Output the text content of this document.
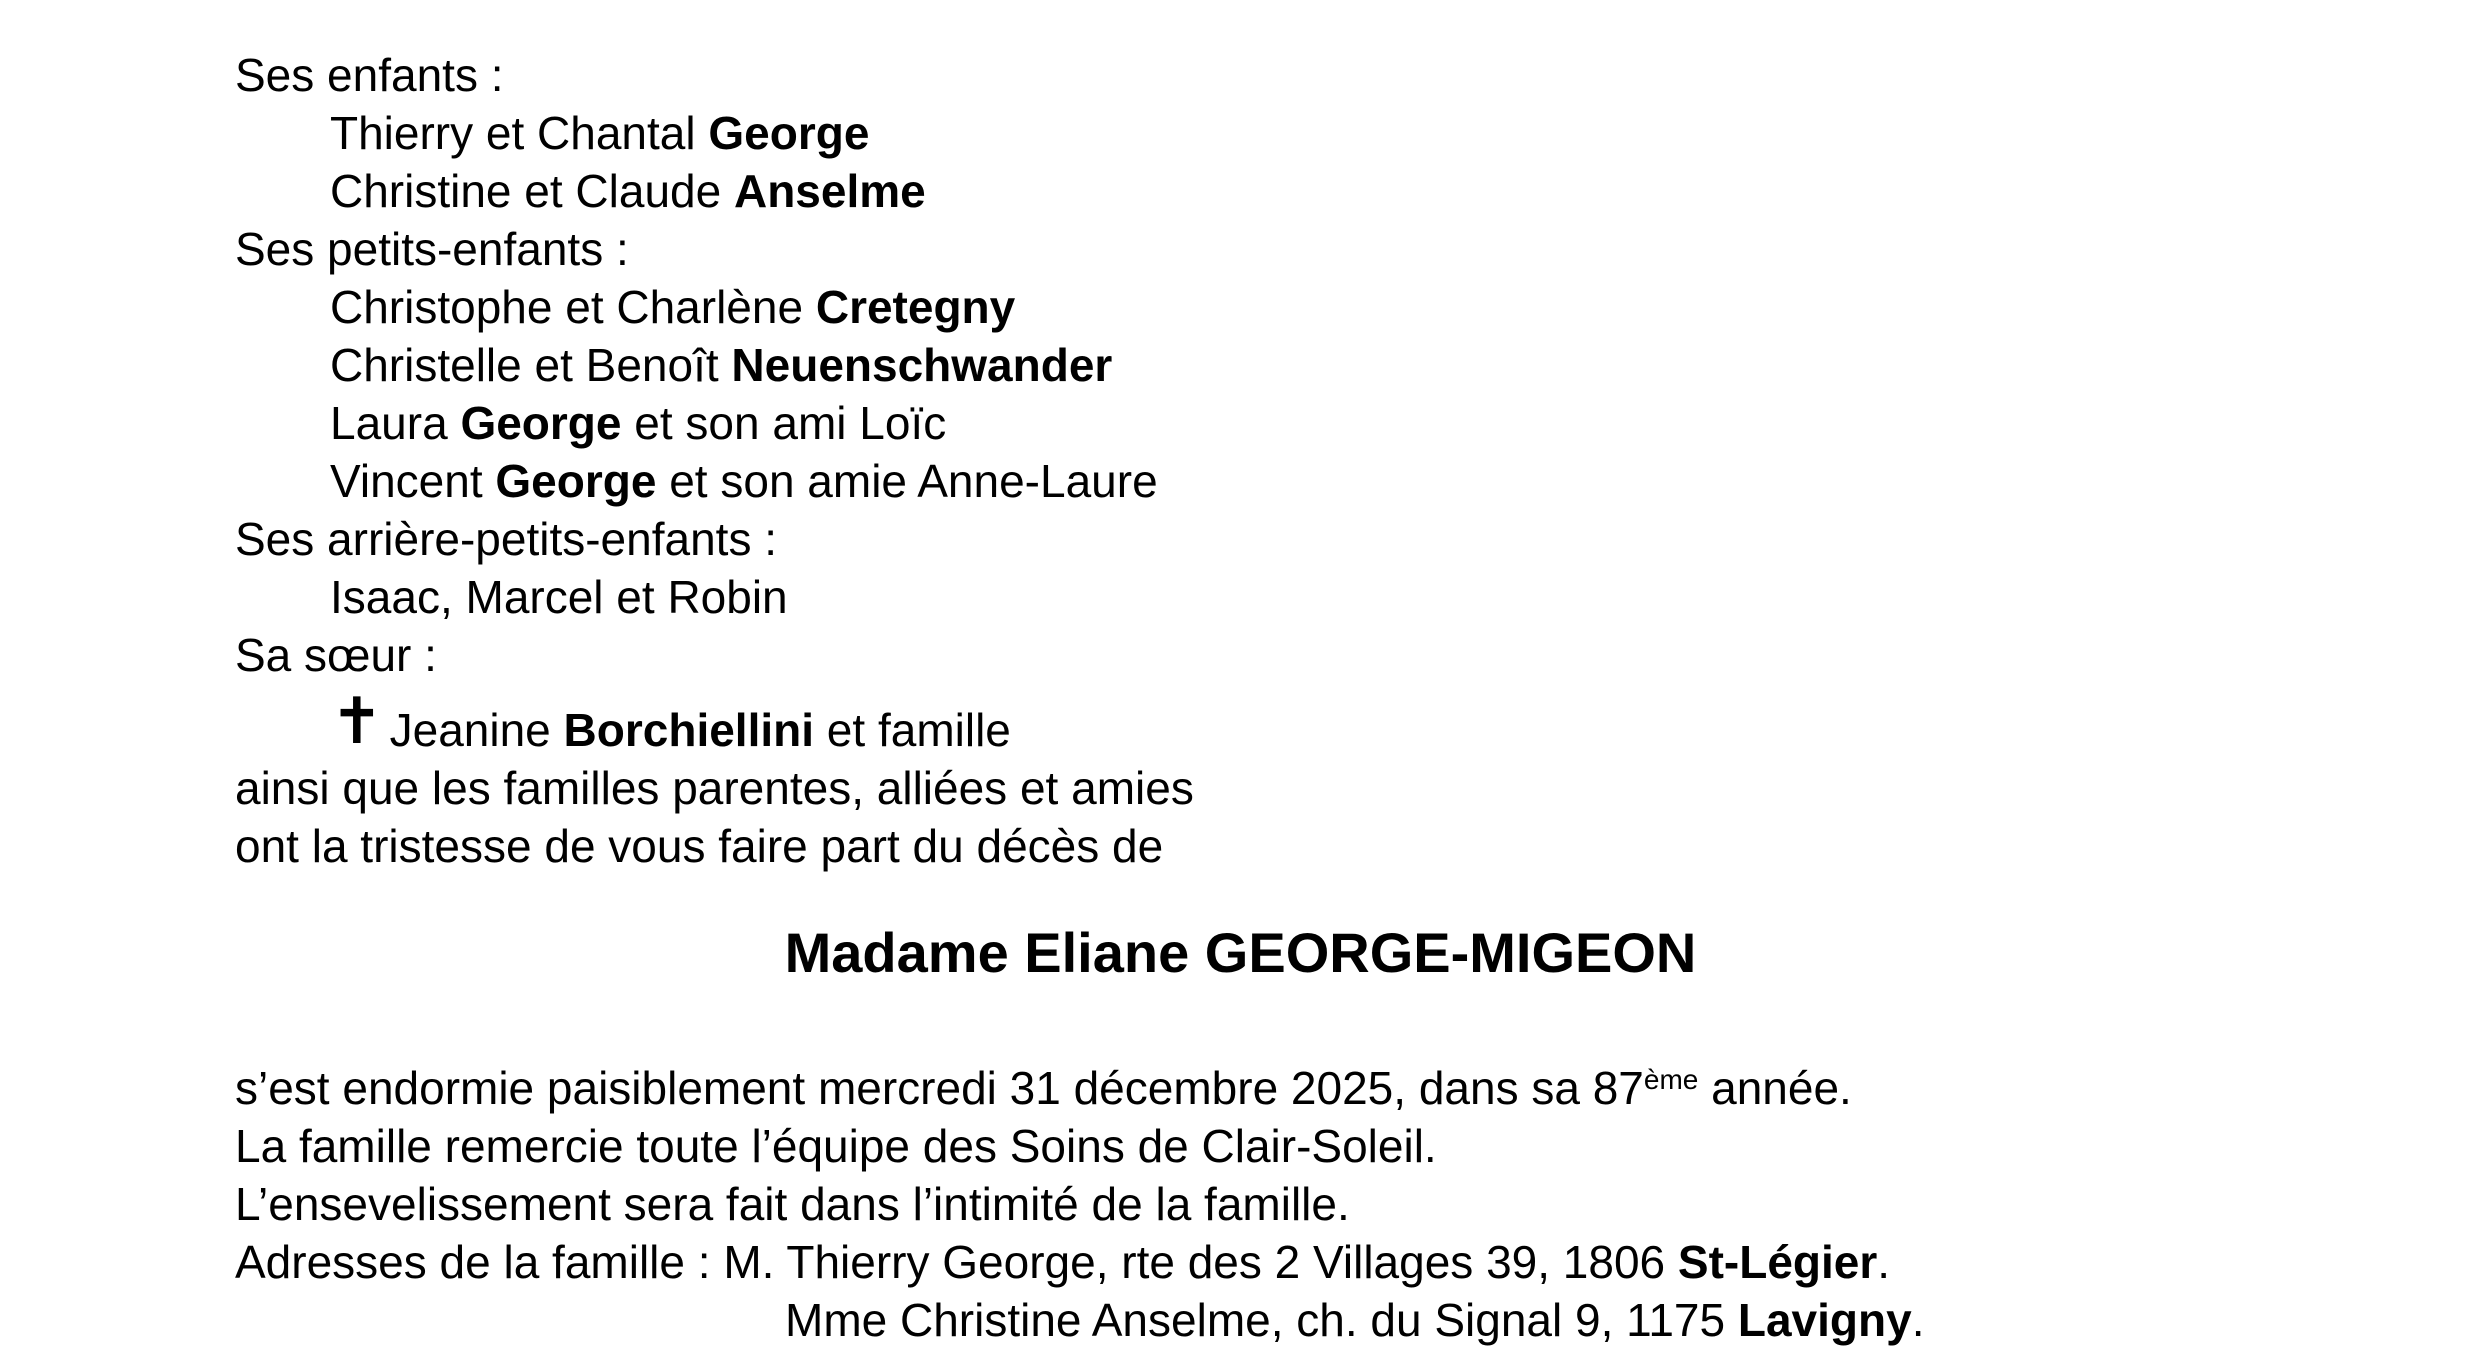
Ses enfants :
Thierry et Chantal George
Christine et Claude Anselme
Ses petits-enfants :
Christophe et Charlène Cretegny
Christelle et Benoît Neuenschwander
Laura George et son ami Loïc
Vincent George et son amie Anne-Laure
Ses arrière-petits-enfants :
Isaac, Marcel et Robin
Sa sœur :
✝ Jeanine Borchiellini et famille
ainsi que les familles parentes, alliées et amies
ont la tristesse de vous faire part du décès de
Madame Eliane GEORGE-MIGEON
s’est endormie paisiblement mercredi 31 décembre 2025, dans sa 87ème année.
La famille remercie toute l’équipe des Soins de Clair-Soleil.
L’ensevelissement sera fait dans l’intimité de la famille.
Adresses de la famille : M. Thierry George, rte des 2 Villages 39, 1806 St-Légier.
Mme Christine Anselme, ch. du Signal 9, 1175 Lavigny.
